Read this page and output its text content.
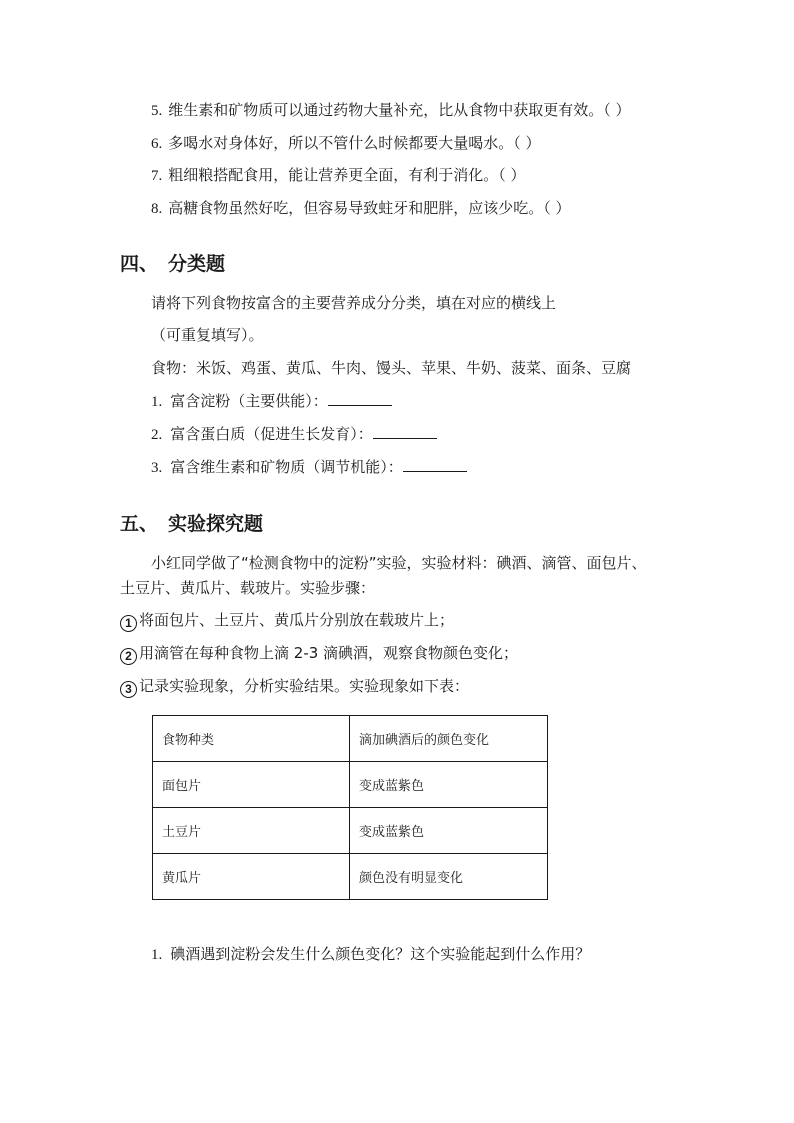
5. 维生素和矿物质可以通过药物大量补充，比从食物中获取更有效。（ ）
6. 多喝水对身体好，所以不管什么时候都要大量喝水。（ ）
7. 粗细粮搭配食用，能让营养更全面，有利于消化。（ ）
8. 高糖食物虽然好吃，但容易导致蛀牙和肥胖，应该少吃。（ ）
四、 分类题
请将下列食物按富含的主要营养成分分类，填在对应的横线上
（可重复填写）。
食物：米饭、鸡蛋、黄瓜、牛肉、馒头、苹果、牛奶、菠菜、面条、豆腐
1. 富含淀粉（主要供能）：
2. 富含蛋白质（促进生长发育）：
3. 富含维生素和矿物质（调节机能）：
五、 实验探究题
小红同学做了“检测食物中的淀粉”实验，实验材料：碘酒、滴管、面包片、
土豆片、黄瓜片、载玻片。实验步骤：
1 将面包片、土豆片、黄瓜片分别放在载玻片上；
2 用滴管在每种食物上滴 2-3 滴碘酒，观察食物颜色变化；
3 记录实验现象，分析实验结果。实验现象如下表：
食物种类	滴加碘酒后的颜色变化
面包片	变成蓝紫色
土豆片	变成蓝紫色
黄瓜片	颜色没有明显变化
1. 碘酒遇到淀粉会发生什么颜色变化？这个实验能起到什么作用？
